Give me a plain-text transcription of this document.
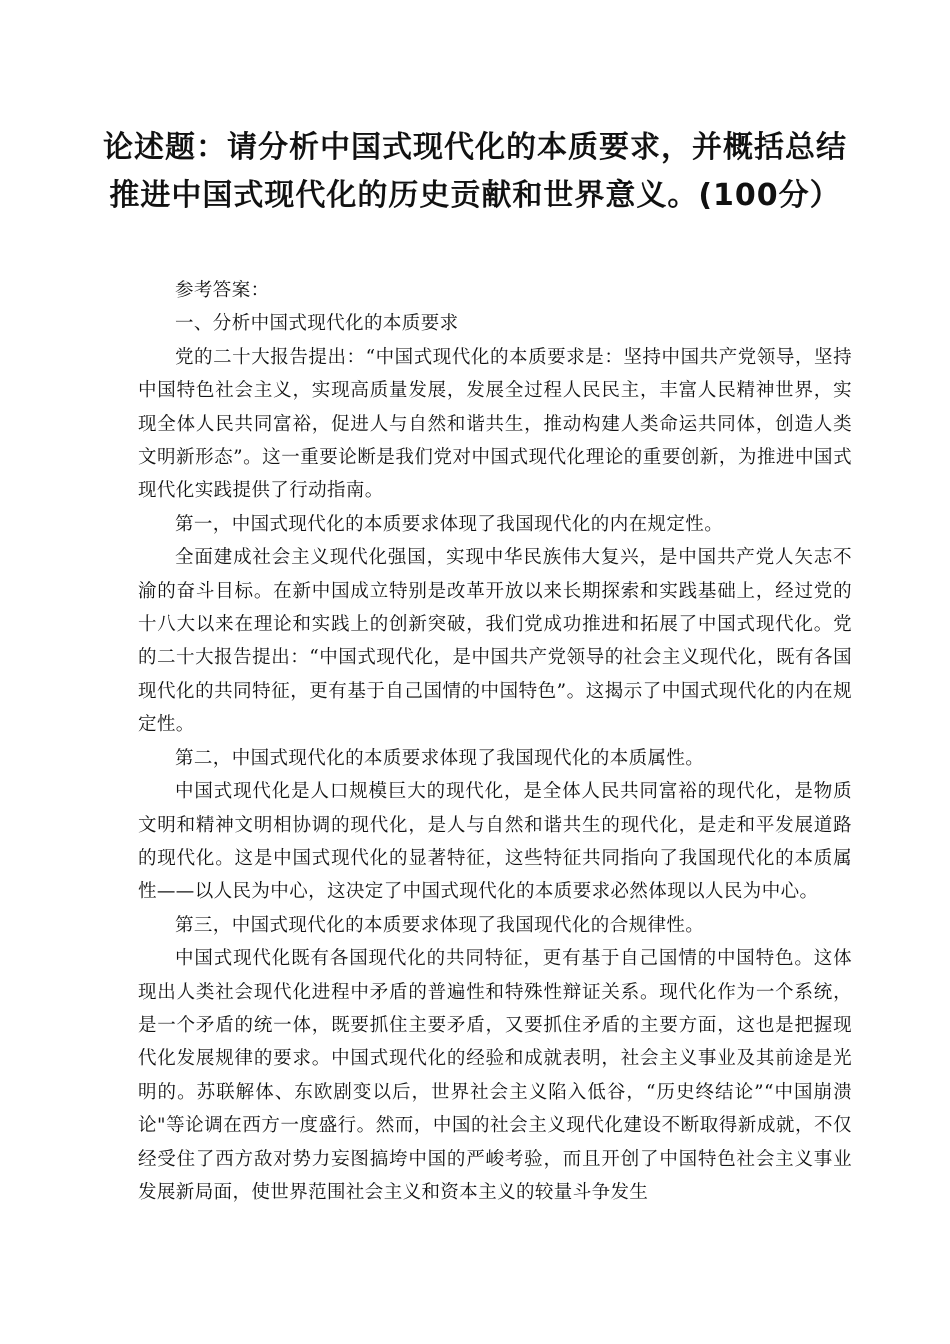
论述题：请分析中国式现代化的本质要求，并概括总结
推进中国式现代化的历史贡献和世界意义。(100分）

参考答案：

一、分析中国式现代化的本质要求

党的二十大报告提出：“中国式现代化的本质要求是：坚持中国共产党领导，坚持中国特色社会主义，实现高质量发展，发展全过程人民民主，丰富人民精神世界，实现全体人民共同富裕，促进人与自然和谐共生，推动构建人类命运共同体，创造人类文明新形态”。这一重要论断是我们党对中国式现代化理论的重要创新，为推进中国式现代化实践提供了行动指南。

第一，中国式现代化的本质要求体现了我国现代化的内在规定性。

全面建成社会主义现代化强国，实现中华民族伟大复兴，是中国共产党人矢志不渝的奋斗目标。在新中国成立特别是改革开放以来长期探索和实践基础上，经过党的十八大以来在理论和实践上的创新突破，我们党成功推进和拓展了中国式现代化。党的二十大报告提出：“中国式现代化，是中国共产党领导的社会主义现代化，既有各国现代化的共同特征，更有基于自己国情的中国特色”。这揭示了中国式现代化的内在规定性。

第二，中国式现代化的本质要求体现了我国现代化的本质属性。

中国式现代化是人口规模巨大的现代化，是全体人民共同富裕的现代化，是物质文明和精神文明相协调的现代化，是人与自然和谐共生的现代化，是走和平发展道路的现代化。这是中国式现代化的显著特征，这些特征共同指向了我国现代化的本质属性——以人民为中心，这决定了中国式现代化的本质要求必然体现以人民为中心。

第三，中国式现代化的本质要求体现了我国现代化的合规律性。

中国式现代化既有各国现代化的共同特征，更有基于自己国情的中国特色。这体现出人类社会现代化进程中矛盾的普遍性和特殊性辩证关系。现代化作为一个系统，是一个矛盾的统一体，既要抓住主要矛盾，又要抓住矛盾的主要方面，这也是把握现代化发展规律的要求。中国式现代化的经验和成就表明，社会主义事业及其前途是光明的。苏联解体、东欧剧变以后，世界社会主义陷入低谷，“历史终结论”“中国崩溃论"等论调在西方一度盛行。然而，中国的社会主义现代化建设不断取得新成就，不仅经受住了西方敌对势力妄图搞垮中国的严峻考验，而且开创了中国特色社会主义事业发展新局面，使世界范围社会主义和资本主义的较量斗争发生
